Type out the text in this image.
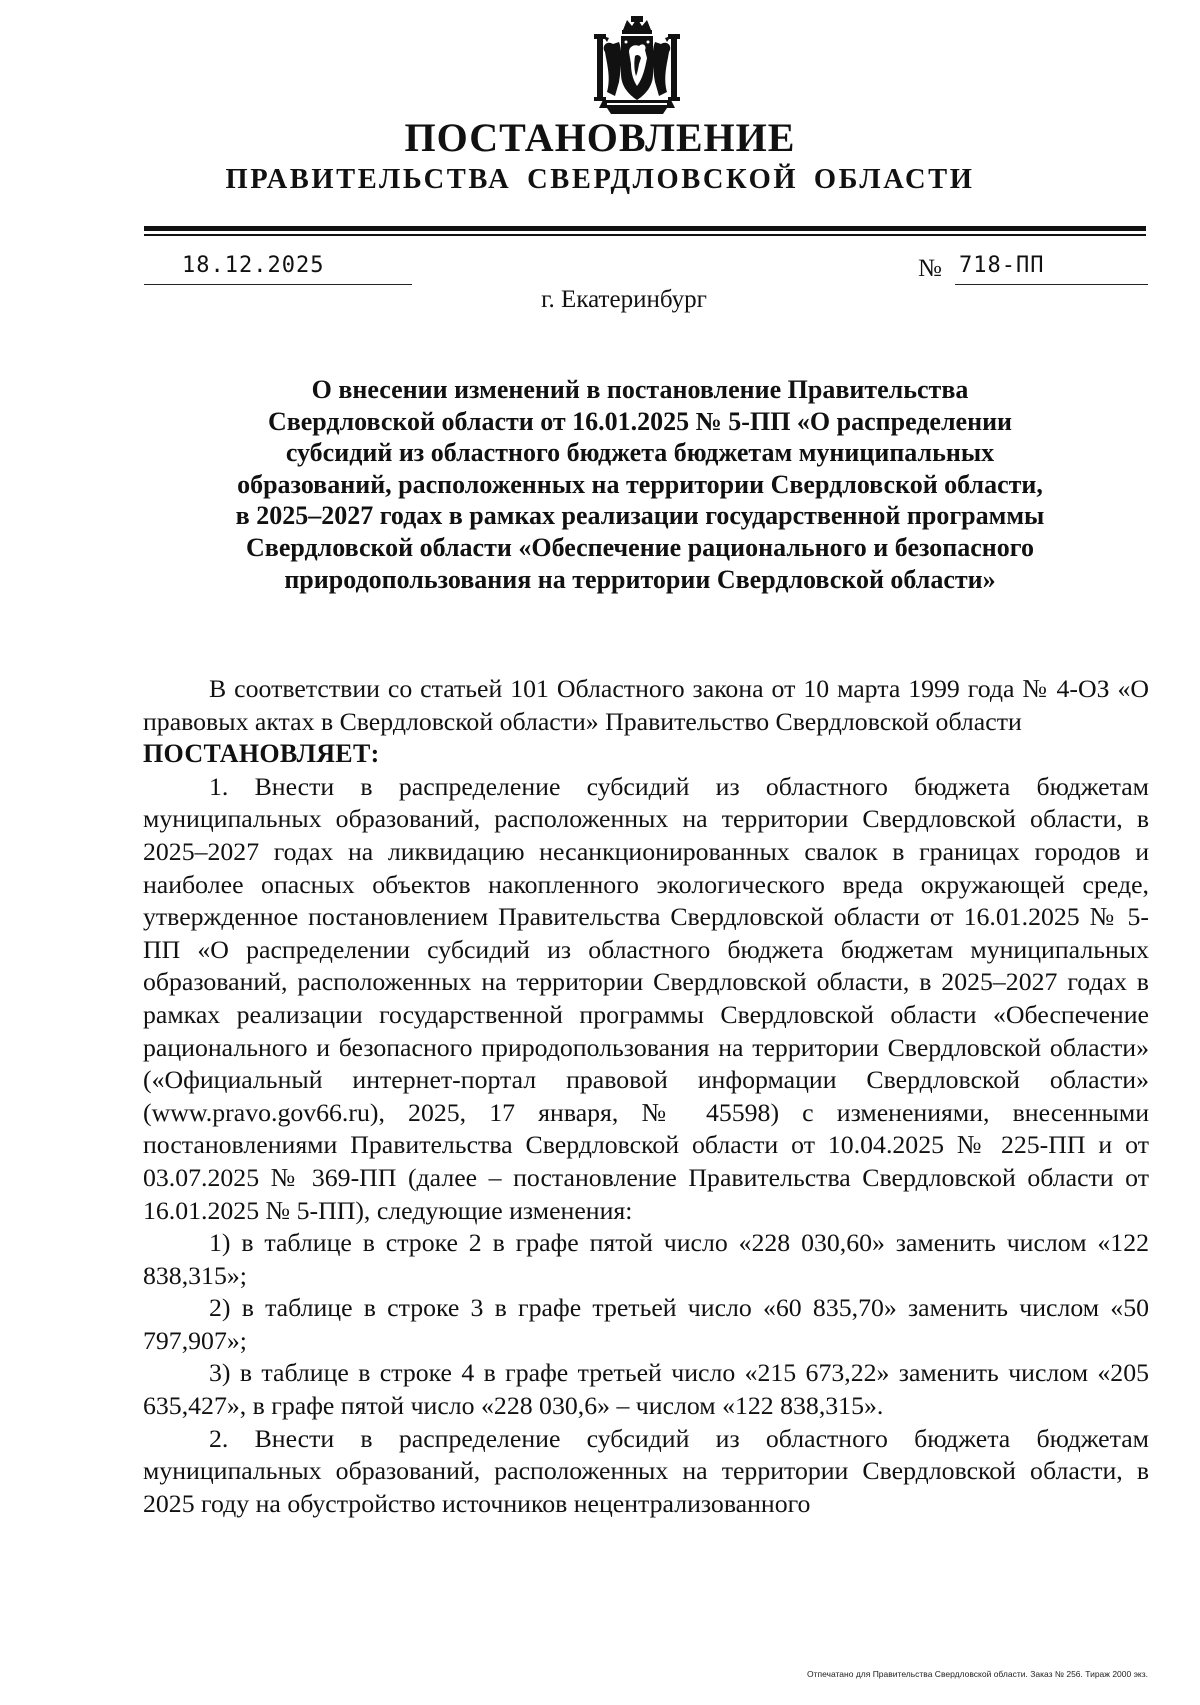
ПОСТАНОВЛЕНИЕ
ПРАВИТЕЛЬСТВА СВЕРДЛОВСКОЙ ОБЛАСТИ
18.12.2025	№ 718-ПП
г. Екатеринбург
О внесении изменений в постановление Правительства
Свердловской области от 16.01.2025 № 5-ПП «О распределении
субсидий из областного бюджета бюджетам муниципальных
образований, расположенных на территории Свердловской области,
в 2025–2027 годах в рамках реализации государственной программы
Свердловской области «Обеспечение рационального и безопасного
природопользования на территории Свердловской области»

В соответствии со статьей 101 Областного закона от 10 марта 1999 года № 4-ОЗ «О правовых актах в Свердловской области» Правительство Свердловской области

ПОСТАНОВЛЯЕТ:

1. Внести в распределение субсидий из областного бюджета бюджетам муниципальных образований, расположенных на территории Свердловской области, в 2025–2027 годах на ликвидацию несанкционированных свалок в границах городов и наиболее опасных объектов накопленного экологического вреда окружающей среде, утвержденное постановлением Правительства Свердловской области от 16.01.2025 № 5-ПП «О распределении субсидий из областного бюджета бюджетам муниципальных образований, расположенных на территории Свердловской области, в 2025–2027 годах в рамках реализации государственной программы Свердловской области «Обеспечение рационального и безопасного природопользования на территории Свердловской области» («Официальный интернет-портал правовой информации Свердловской области» (www.pravo.gov66.ru), 2025, 17 января, № 45598) с изменениями, внесенными постановлениями Правительства Свердловской области от 10.04.2025 № 225-ПП и от 03.07.2025 № 369-ПП (далее – постановление Правительства Свердловской области от 16.01.2025 № 5-ПП), следующие изменения:

1) в таблице в строке 2 в графе пятой число «228 030,60» заменить числом «122 838,315»;

2) в таблице в строке 3 в графе третьей число «60 835,70» заменить числом «50 797,907»;

3) в таблице в строке 4 в графе третьей число «215 673,22» заменить числом «205 635,427», в графе пятой число «228 030,6» – числом «122 838,315».

2. Внести в распределение субсидий из областного бюджета бюджетам муниципальных образований, расположенных на территории Свердловской области, в 2025 году на обустройство источников нецентрализованного

Отпечатано для Правительства Свердловской области. Заказ № 256. Тираж 2000 экз.
